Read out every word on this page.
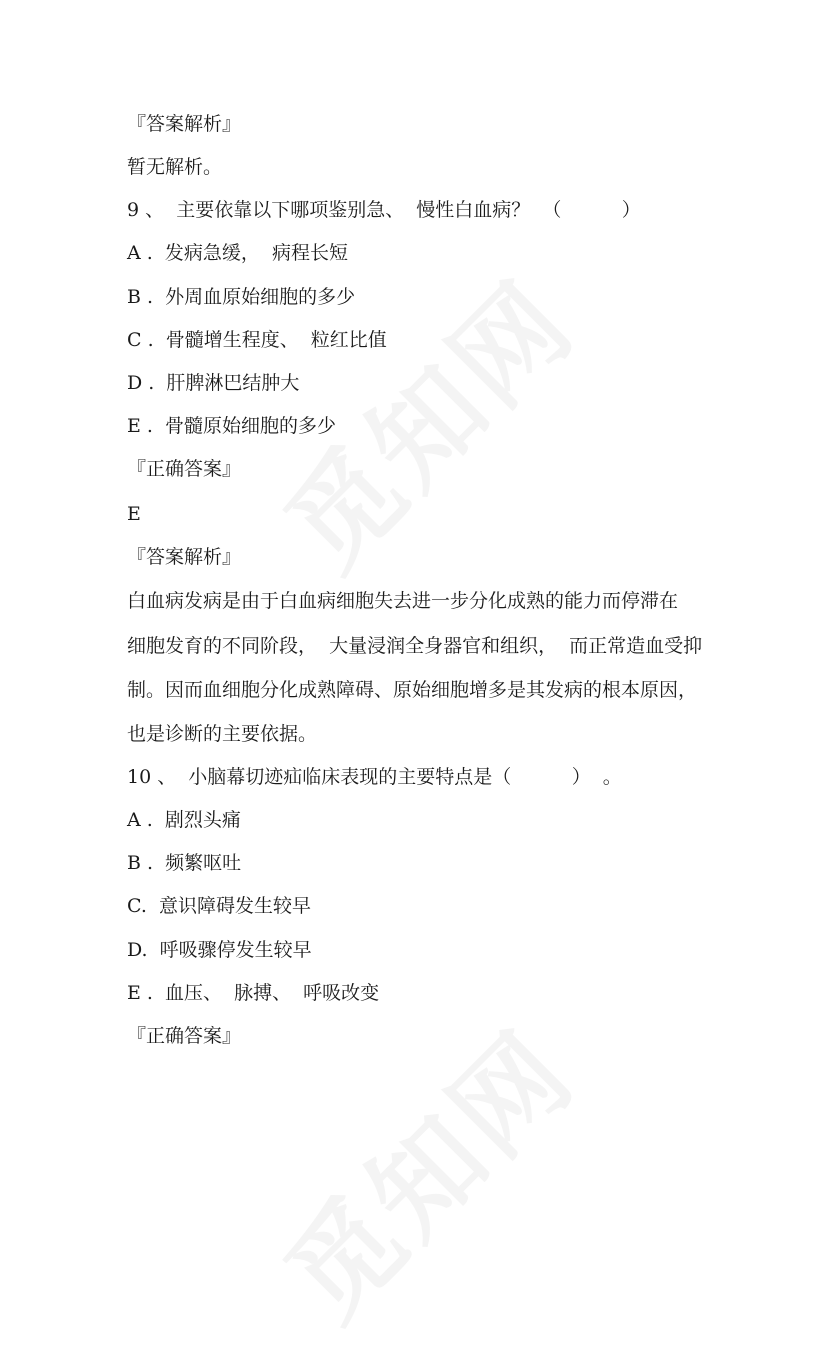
『答案解析』
暂无解析。
9 、  主要依靠以下哪项鉴别急、  慢性白血病？  （          ）
A .  发病急缓，  病程长短
B .  外周血原始细胞的多少
C .  骨髓增生程度、  粒红比值
D .  肝脾淋巴结肿大
E .  骨髓原始细胞的多少
『正确答案』
E
『答案解析』
白血病发病是由于白血病细胞失去进一步分化成熟的能力而停滞在
细胞发育的不同阶段，  大量浸润全身器官和组织，  而正常造血受抑
制。因而血细胞分化成熟障碍、原始细胞增多是其发病的根本原因，
也是诊断的主要依据。
10 、  小脑幕切迹疝临床表现的主要特点是（          ）  。
A .  剧烈头痛
B .  频繁呕吐
C.  意识障碍发生较早
D.  呼吸骤停发生较早
E .  血压、  脉搏、  呼吸改变
『正确答案』
